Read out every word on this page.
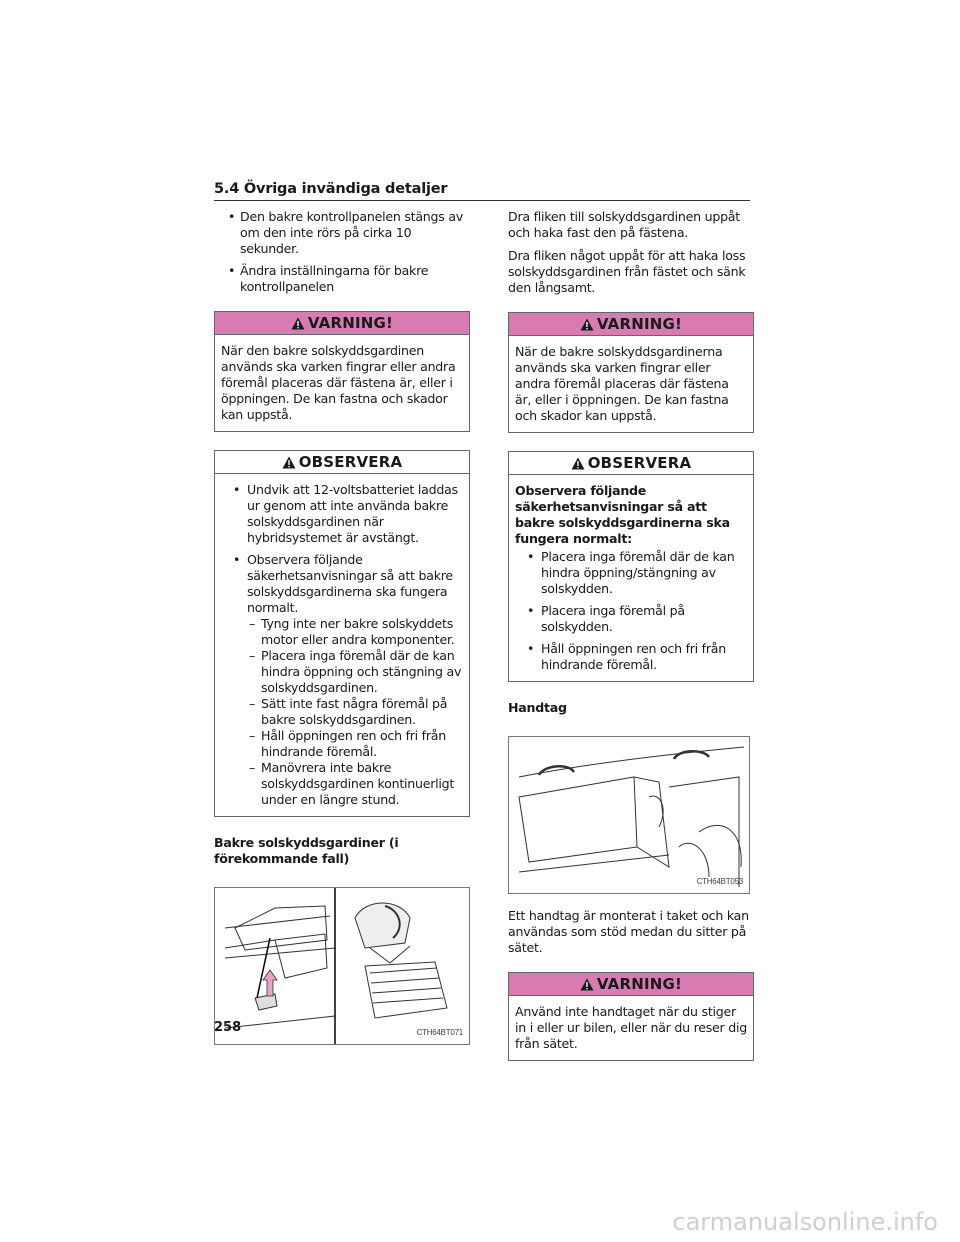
5.4 Övriga invändiga detaljer
• Den bakre kontrollpanelen stängs av om den inte rörs på cirka 10 sekunder.
• Ändra inställningarna för bakre kontrollpanelen
VARNING!
När den bakre solskyddsgardinen används ska varken fingrar eller andra föremål placeras där fästena är, eller i öppningen. De kan fastna och skador kan uppstå.
OBSERVERA
• Undvik att 12-voltsbatteriet laddas ur genom att inte använda bakre solskyddsgardinen när hybridsystemet är avstängt.
• Observera följande säkerhetsanvisningar så att bakre solskyddsgardinerna ska fungera normalt.
– Tyng inte ner bakre solskyddets motor eller andra komponenter.
– Placera inga föremål där de kan hindra öppning och stängning av solskyddsgardinen.
– Sätt inte fast några föremål på bakre solskyddsgardinen.
– Håll öppningen ren och fri från hindrande föremål.
– Manövrera inte bakre solskyddsgardinen kontinuerligt under en längre stund.
Bakre solskyddsgardiner (i förekommande fall)
CTH64BT071

Dra fliken till solskyddsgardinen uppåt och haka fast den på fästena.

Dra fliken något uppåt för att haka loss solskyddsgardinen från fästet och sänk den långsamt.

VARNING!
När de bakre solskyddsgardinerna används ska varken fingrar eller andra föremål placeras där fästena är, eller i öppningen. De kan fastna och skador kan uppstå.
OBSERVERA
Observera följande säkerhetsanvisningar så att bakre solskyddsgardinerna ska fungera normalt:
• Placera inga föremål där de kan hindra öppning/stängning av solskydden.
• Placera inga föremål på solskydden.
• Håll öppningen ren och fri från hindrande föremål.
Handtag
CTH64BT053

Ett handtag är monterat i taket och kan användas som stöd medan du sitter på sätet.

VARNING!
Använd inte handtaget när du stiger in i eller ur bilen, eller när du reser dig från sätet.
258
carmanualsonline.info
